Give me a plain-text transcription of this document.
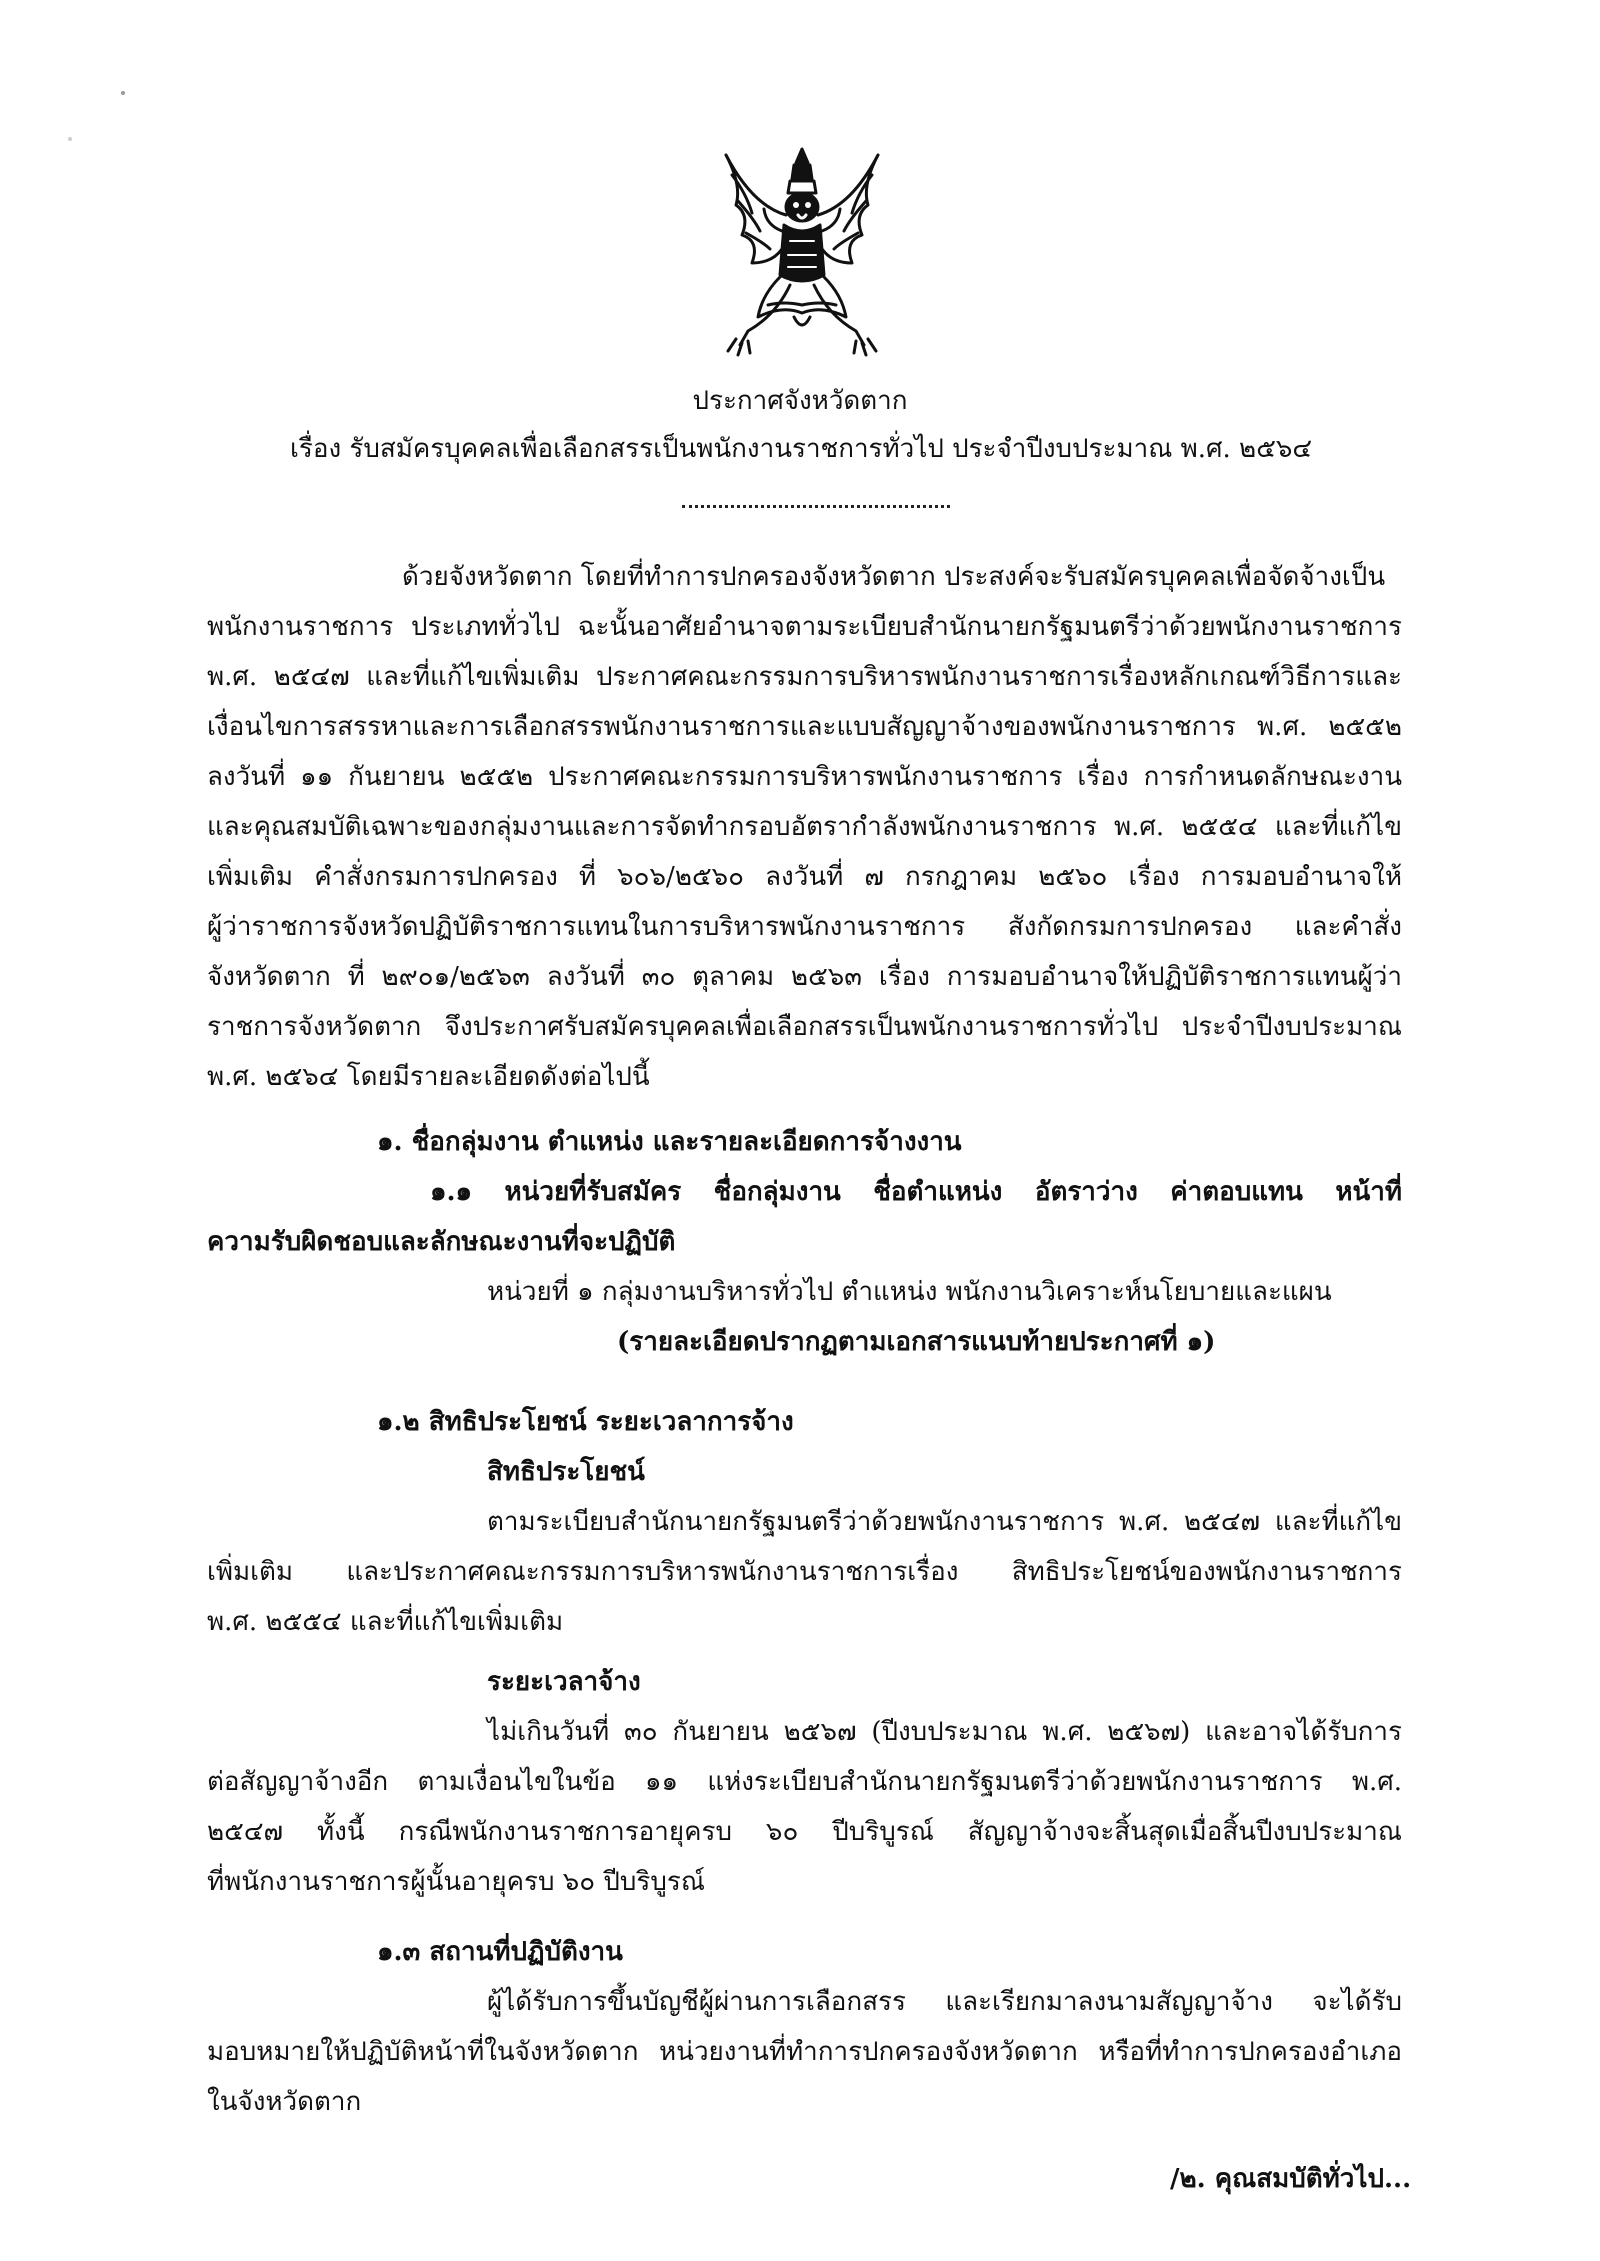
ประกาศจังหวัดตาก
เรื่อง รับสมัครบุคคลเพื่อเลือกสรรเป็นพนักงานราชการทั่วไป ประจำปีงบประมาณ พ.ศ. ๒๕๖๔
ด้วยจังหวัดตาก โดยที่ทำการปกครองจังหวัดตาก ประสงค์จะรับสมัครบุคคลเพื่อจัดจ้างเป็น
พนักงานราชการ ประเภททั่วไป ฉะนั้นอาศัยอำนาจตามระเบียบสำนักนายกรัฐมนตรีว่าด้วยพนักงานราชการ
พ.ศ. ๒๕๔๗ และที่แก้ไขเพิ่มเติม ประกาศคณะกรรมการบริหารพนักงานราชการเรื่องหลักเกณฑ์วิธีการและ
เงื่อนไขการสรรหาและการเลือกสรรพนักงานราชการและแบบสัญญาจ้างของพนักงานราชการ พ.ศ. ๒๕๕๒
ลงวันที่ ๑๑ กันยายน ๒๕๕๒ ประกาศคณะกรรมการบริหารพนักงานราชการ เรื่อง การกำหนดลักษณะงาน
และคุณสมบัติเฉพาะของกลุ่มงานและการจัดทำกรอบอัตรากำลังพนักงานราชการ พ.ศ. ๒๕๕๔ และที่แก้ไข
เพิ่มเติม คำสั่งกรมการปกครอง ที่ ๖๐๖/๒๕๖๐ ลงวันที่ ๗ กรกฎาคม ๒๕๖๐ เรื่อง การมอบอำนาจให้
ผู้ว่าราชการจังหวัดปฏิบัติราชการแทนในการบริหารพนักงานราชการ สังกัดกรมการปกครอง และคำสั่ง
จังหวัดตาก ที่ ๒๙๐๑/๒๕๖๓ ลงวันที่ ๓๐ ตุลาคม ๒๕๖๓ เรื่อง การมอบอำนาจให้ปฏิบัติราชการแทนผู้ว่า
ราชการจังหวัดตาก จึงประกาศรับสมัครบุคคลเพื่อเลือกสรรเป็นพนักงานราชการทั่วไป ประจำปีงบประมาณ
พ.ศ. ๒๕๖๔ โดยมีรายละเอียดดังต่อไปนี้
๑. ชื่อกลุ่มงาน ตำแหน่ง และรายละเอียดการจ้างงาน
๑.๑ หน่วยที่รับสมัคร ชื่อกลุ่มงาน ชื่อตำแหน่ง อัตราว่าง ค่าตอบแทน หน้าที่
ความรับผิดชอบและลักษณะงานที่จะปฏิบัติ
หน่วยที่ ๑ กลุ่มงานบริหารทั่วไป ตำแหน่ง พนักงานวิเคราะห์นโยบายและแผน
(รายละเอียดปรากฏตามเอกสารแนบท้ายประกาศที่ ๑)
๑.๒ สิทธิประโยชน์ ระยะเวลาการจ้าง
สิทธิประโยชน์
ตามระเบียบสำนักนายกรัฐมนตรีว่าด้วยพนักงานราชการ พ.ศ. ๒๕๔๗ และที่แก้ไข
เพิ่มเติม และประกาศคณะกรรมการบริหารพนักงานราชการเรื่อง สิทธิประโยชน์ของพนักงานราชการ
พ.ศ. ๒๕๕๔ และที่แก้ไขเพิ่มเติม
ระยะเวลาจ้าง
ไม่เกินวันที่ ๓๐ กันยายน ๒๕๖๗ (ปีงบประมาณ พ.ศ. ๒๕๖๗) และอาจได้รับการ
ต่อสัญญาจ้างอีก ตามเงื่อนไขในข้อ ๑๑ แห่งระเบียบสำนักนายกรัฐมนตรีว่าด้วยพนักงานราชการ พ.ศ.
๒๕๔๗ ทั้งนี้ กรณีพนักงานราชการอายุครบ ๖๐ ปีบริบูรณ์ สัญญาจ้างจะสิ้นสุดเมื่อสิ้นปีงบประมาณ
ที่พนักงานราชการผู้นั้นอายุครบ ๖๐ ปีบริบูรณ์
๑.๓ สถานที่ปฏิบัติงาน
ผู้ได้รับการขึ้นบัญชีผู้ผ่านการเลือกสรร และเรียกมาลงนามสัญญาจ้าง จะได้รับ
มอบหมายให้ปฏิบัติหน้าที่ในจังหวัดตาก หน่วยงานที่ทำการปกครองจังหวัดตาก หรือที่ทำการปกครองอำเภอ
ในจังหวัดตาก
/๒. คุณสมบัติทั่วไป...
